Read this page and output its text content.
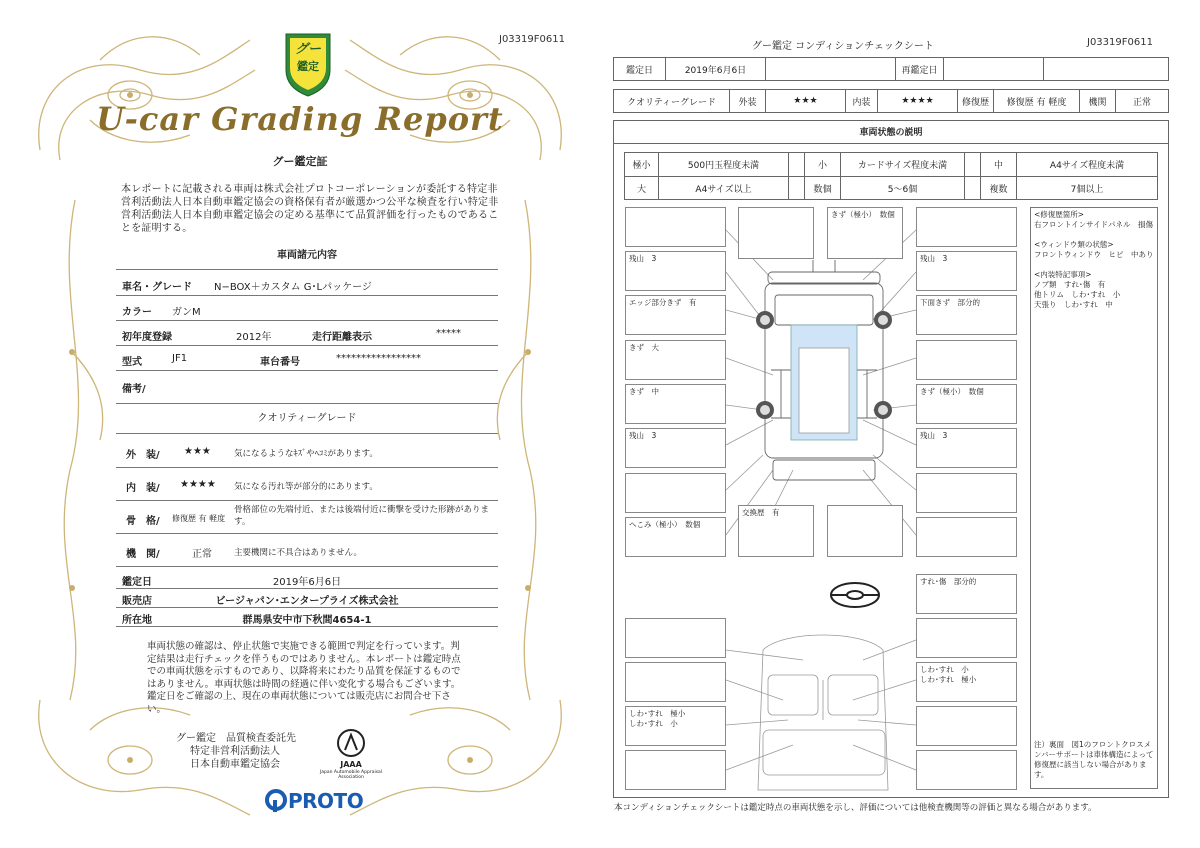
J03319F0611
グー
鑑定
U-car Grading Report
グー鑑定証
本レポートに記載される車両は株式会社プロトコーポレーションが委託する特定非営利活動法人日本自動車鑑定協会の資格保有者が厳選かつ公平な検査を行い特定非営利活動法人日本自動車鑑定協会の定める基準にて品質評価を行ったものであることを証明する。
車両諸元内容
車名・グレード N−BOX＋カスタム G･Lパッケージ
カラー ガンM
初年度登録	2012年	走行距離表示	*****
型式	JF1	車台番号	*****************
備考/
クオリティーグレード
外　装/ ★★★	気になるようなｷｽﾞやﾍｺﾐがあります。
内　装/ ★★★★ 気になる汚れ等が部分的にあります。
骨　格/ 修復歴 有 軽度
骨格部位の先端付近、または後端付近に衝撃を受けた形跡があります。
機　関/	正常	主要機関に不具合はありません。
鑑定日	2019年6月6日
販売店	ビージャパン･エンタープライズ株式会社
所在地	群馬県安中市下秋間4654-1
車両状態の確認は、停止状態で実施できる範囲で判定を行っています。判定結果は走行チェックを伴うものではありません。本レポートは鑑定時点での車両状態を示すものであり、以降将来にわたり品質を保証するものではありません。車両状態は時間の経過に伴い変化する場合もございます。鑑定日をご確認の上、現在の車両状態については販売店にお問合せ下さい。
グー鑑定　品質検査委託先
特定非営利活動法人
日本自動車鑑定協会	JAAA
Japan Automobile Appraisal Association
PROTO
グー鑑定 コンディションチェックシート	J03319F0611
鑑定日	2019年6月6日	再鑑定日
クオリティーグレード	外装	★★★	内装	★★★★	修復歴	修復歴 有 軽度	機関	正常
車両状態の説明
極小	500円玉程度未満	小	カードサイズ程度未満	中	A4サイズ程度未満
大	A4サイズ以上	数個	5〜6個	複数	7個以上
残山　3
エッジ部分きず　有
きず　大
きず　中
残山　3
へこみ（極小）　数個
残山　3
下面きず　部分的
きず（極小）　数個
残山　3
きず（極小）　数個
交換歴　有
すれ･傷　部分的
しわ･すれ　極小
しわ･すれ　小
しわ･すれ　小
しわ･すれ　極小
<修復歴箇所>
右フロントインサイドパネル　損傷

<ウィンドウ類の状態>
フロントウィンドウ　ヒビ　中あり

<内装特記事項>
ノブ類　すれ･傷　有
他トリム　しわ･すれ　小
天張り　しわ･すれ　中
注）裏面　図1のフロントクロスメンバーサポートは車体構造によって修復歴に該当しない場合があります。
本コンディションチェックシートは鑑定時点の車両状態を示し、評価については他検査機関等の評価と異なる場合があります。
